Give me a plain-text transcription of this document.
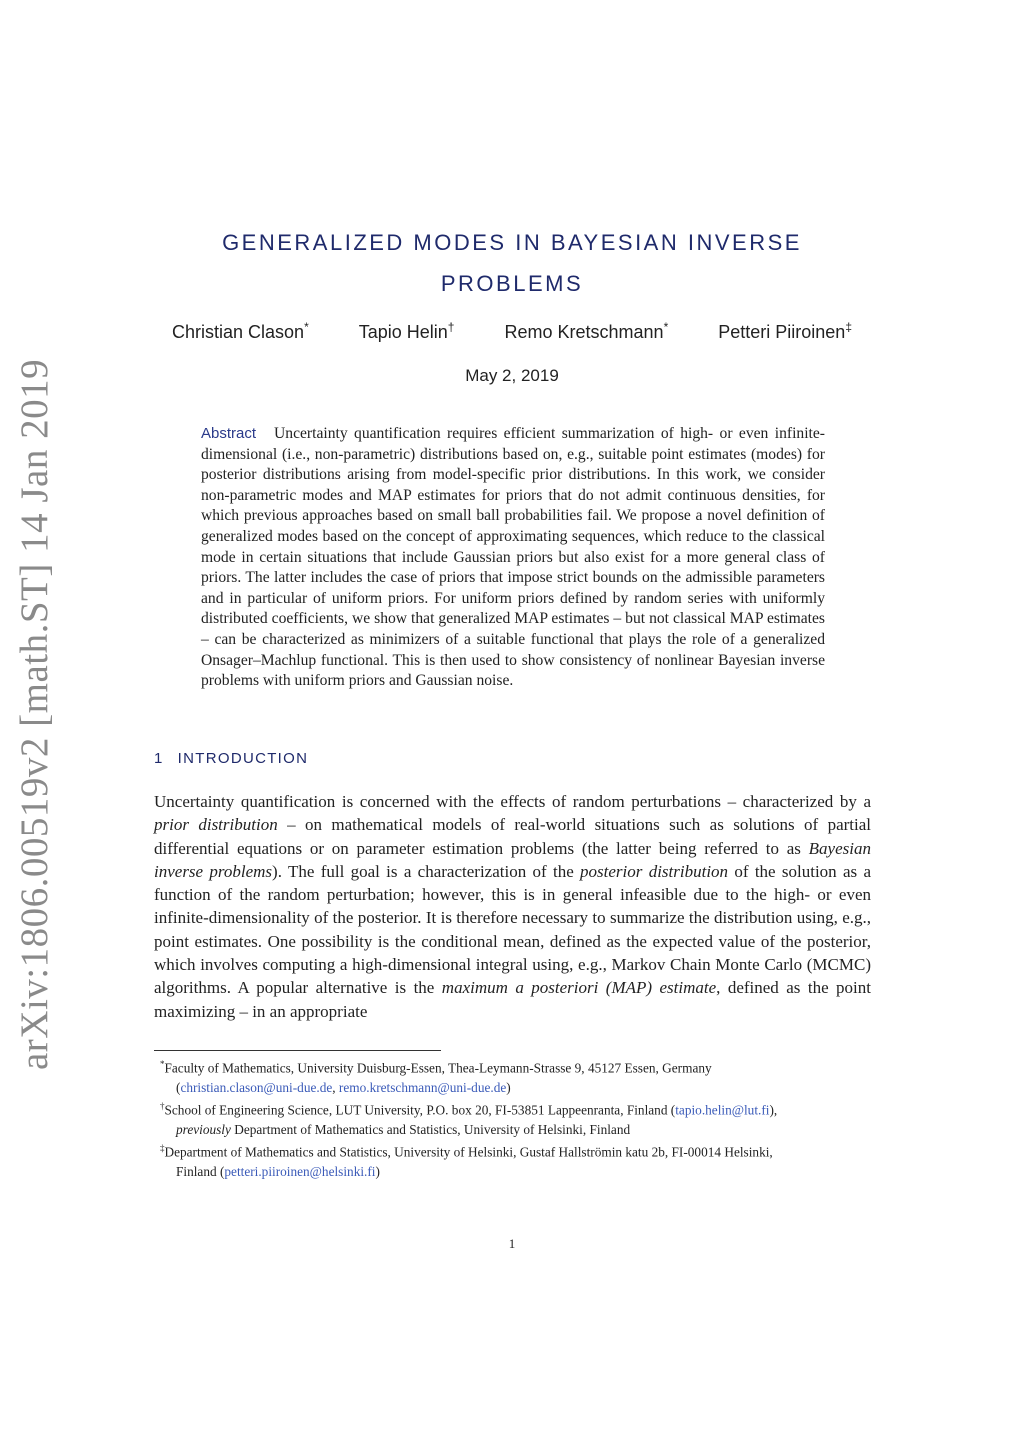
arXiv:1806.00519v2 [math.ST] 14 Jan 2019
GENERALIZED MODES IN BAYESIAN INVERSE
PROBLEMS
Christian Clason*	Tapio Helin†	Remo Kretschmann*	Petteri Piiroinen‡
May 2, 2019
Abstract Uncertainty quantification requires efficient summarization of high- or even infinite-dimensional (i.e., non-parametric) distributions based on, e.g., suitable point estimates (modes) for posterior distributions arising from model-specific prior distributions. In this work, we consider non-parametric modes and MAP estimates for priors that do not admit continuous densities, for which previous approaches based on small ball probabilities fail. We propose a novel definition of generalized modes based on the concept of approximating sequences, which reduce to the classical mode in certain situations that include Gaussian priors but also exist for a more general class of priors. The latter includes the case of priors that impose strict bounds on the admissible parameters and in particular of uniform priors. For uniform priors defined by random series with uniformly distributed coefficients, we show that generalized MAP estimates – but not classical MAP estimates – can be characterized as minimizers of a suitable functional that plays the role of a generalized Onsager–Machlup functional. This is then used to show consistency of nonlinear Bayesian inverse problems with uniform priors and Gaussian noise.
1 INTRODUCTION
Uncertainty quantification is concerned with the effects of random perturbations – characterized by a prior distribution – on mathematical models of real-world situations such as solutions of partial differential equations or on parameter estimation problems (the latter being referred to as Bayesian inverse problems). The full goal is a characterization of the posterior distribution of the solution as a function of the random perturbation; however, this is in general infeasible due to the high- or even infinite-dimensionality of the posterior. It is therefore necessary to summarize the distribution using, e.g., point estimates. One possibility is the conditional mean, defined as the expected value of the posterior, which involves computing a high-dimensional integral using, e.g., Markov Chain Monte Carlo (MCMC) algorithms. A popular alternative is the maximum a posteriori (MAP) estimate, defined as the point maximizing – in an appropriate
*Faculty of Mathematics, University Duisburg-Essen, Thea-Leymann-Strasse 9, 45127 Essen, Germany
(christian.clason@uni-due.de, remo.kretschmann@uni-due.de)
†School of Engineering Science, LUT University, P.O. box 20, FI-53851 Lappeenranta, Finland (tapio.helin@lut.fi),
previously Department of Mathematics and Statistics, University of Helsinki, Finland
‡Department of Mathematics and Statistics, University of Helsinki, Gustaf Hallströmin katu 2b, FI-00014 Helsinki,
Finland (petteri.piiroinen@helsinki.fi)
1
